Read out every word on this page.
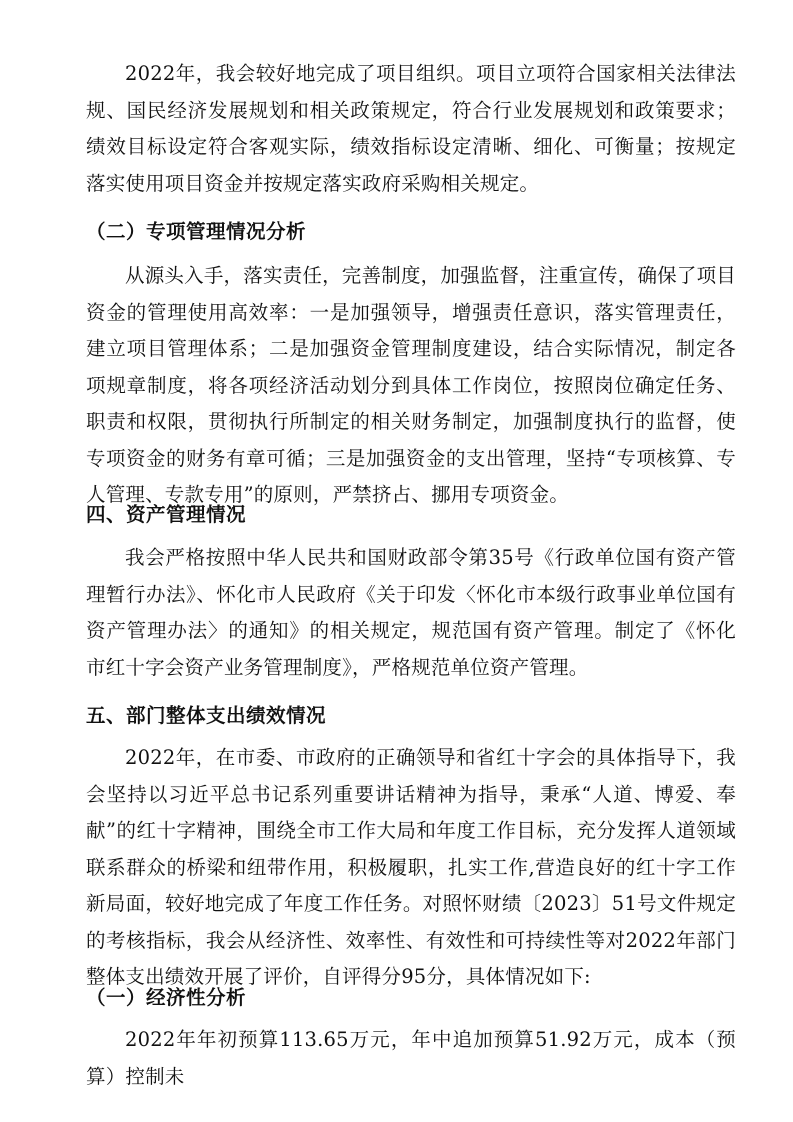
2022年，我会较好地完成了项目组织。项目立项符合国家相关法律法规、国民经济发展规划和相关政策规定，符合行业发展规划和政策要求；绩效目标设定符合客观实际，绩效指标设定清晰、细化、可衡量；按规定落实使用项目资金并按规定落实政府采购相关规定。

（二）专项管理情况分析

从源头入手，落实责任，完善制度，加强监督，注重宣传，确保了项目资金的管理使用高效率：一是加强领导，增强责任意识，落实管理责任，建立项目管理体系；二是加强资金管理制度建设，结合实际情况，制定各项规章制度，将各项经济活动划分到具体工作岗位，按照岗位确定任务、职责和权限，贯彻执行所制定的相关财务制定，加强制度执行的监督，使专项资金的财务有章可循；三是加强资金的支出管理，坚持“专项核算、专人管理、专款专用”的原则，严禁挤占、挪用专项资金。

四、资产管理情况

我会严格按照中华人民共和国财政部令第35号《行政单位国有资产管理暂行办法》、怀化市人民政府《关于印发〈怀化市本级行政事业单位国有资产管理办法〉的通知》的相关规定，规范国有资产管理。制定了《怀化市红十字会资产业务管理制度》，严格规范单位资产管理。

五、部门整体支出绩效情况

2022年，在市委、市政府的正确领导和省红十字会的具体指导下，我会坚持以习近平总书记系列重要讲话精神为指导，秉承“人道、博爱、奉献”的红十字精神，围绕全市工作大局和年度工作目标，充分发挥人道领域联系群众的桥梁和纽带作用，积极履职，扎实工作,营造良好的红十字工作新局面，较好地完成了年度工作任务。对照怀财绩〔2023〕51号文件规定的考核指标，我会从经济性、效率性、有效性和可持续性等对2022年部门整体支出绩效开展了评价，自评得分95分，具体情况如下:

（一）经济性分析

2022年年初预算113.65万元，年中追加预算51.92万元，成本（预算）控制未
